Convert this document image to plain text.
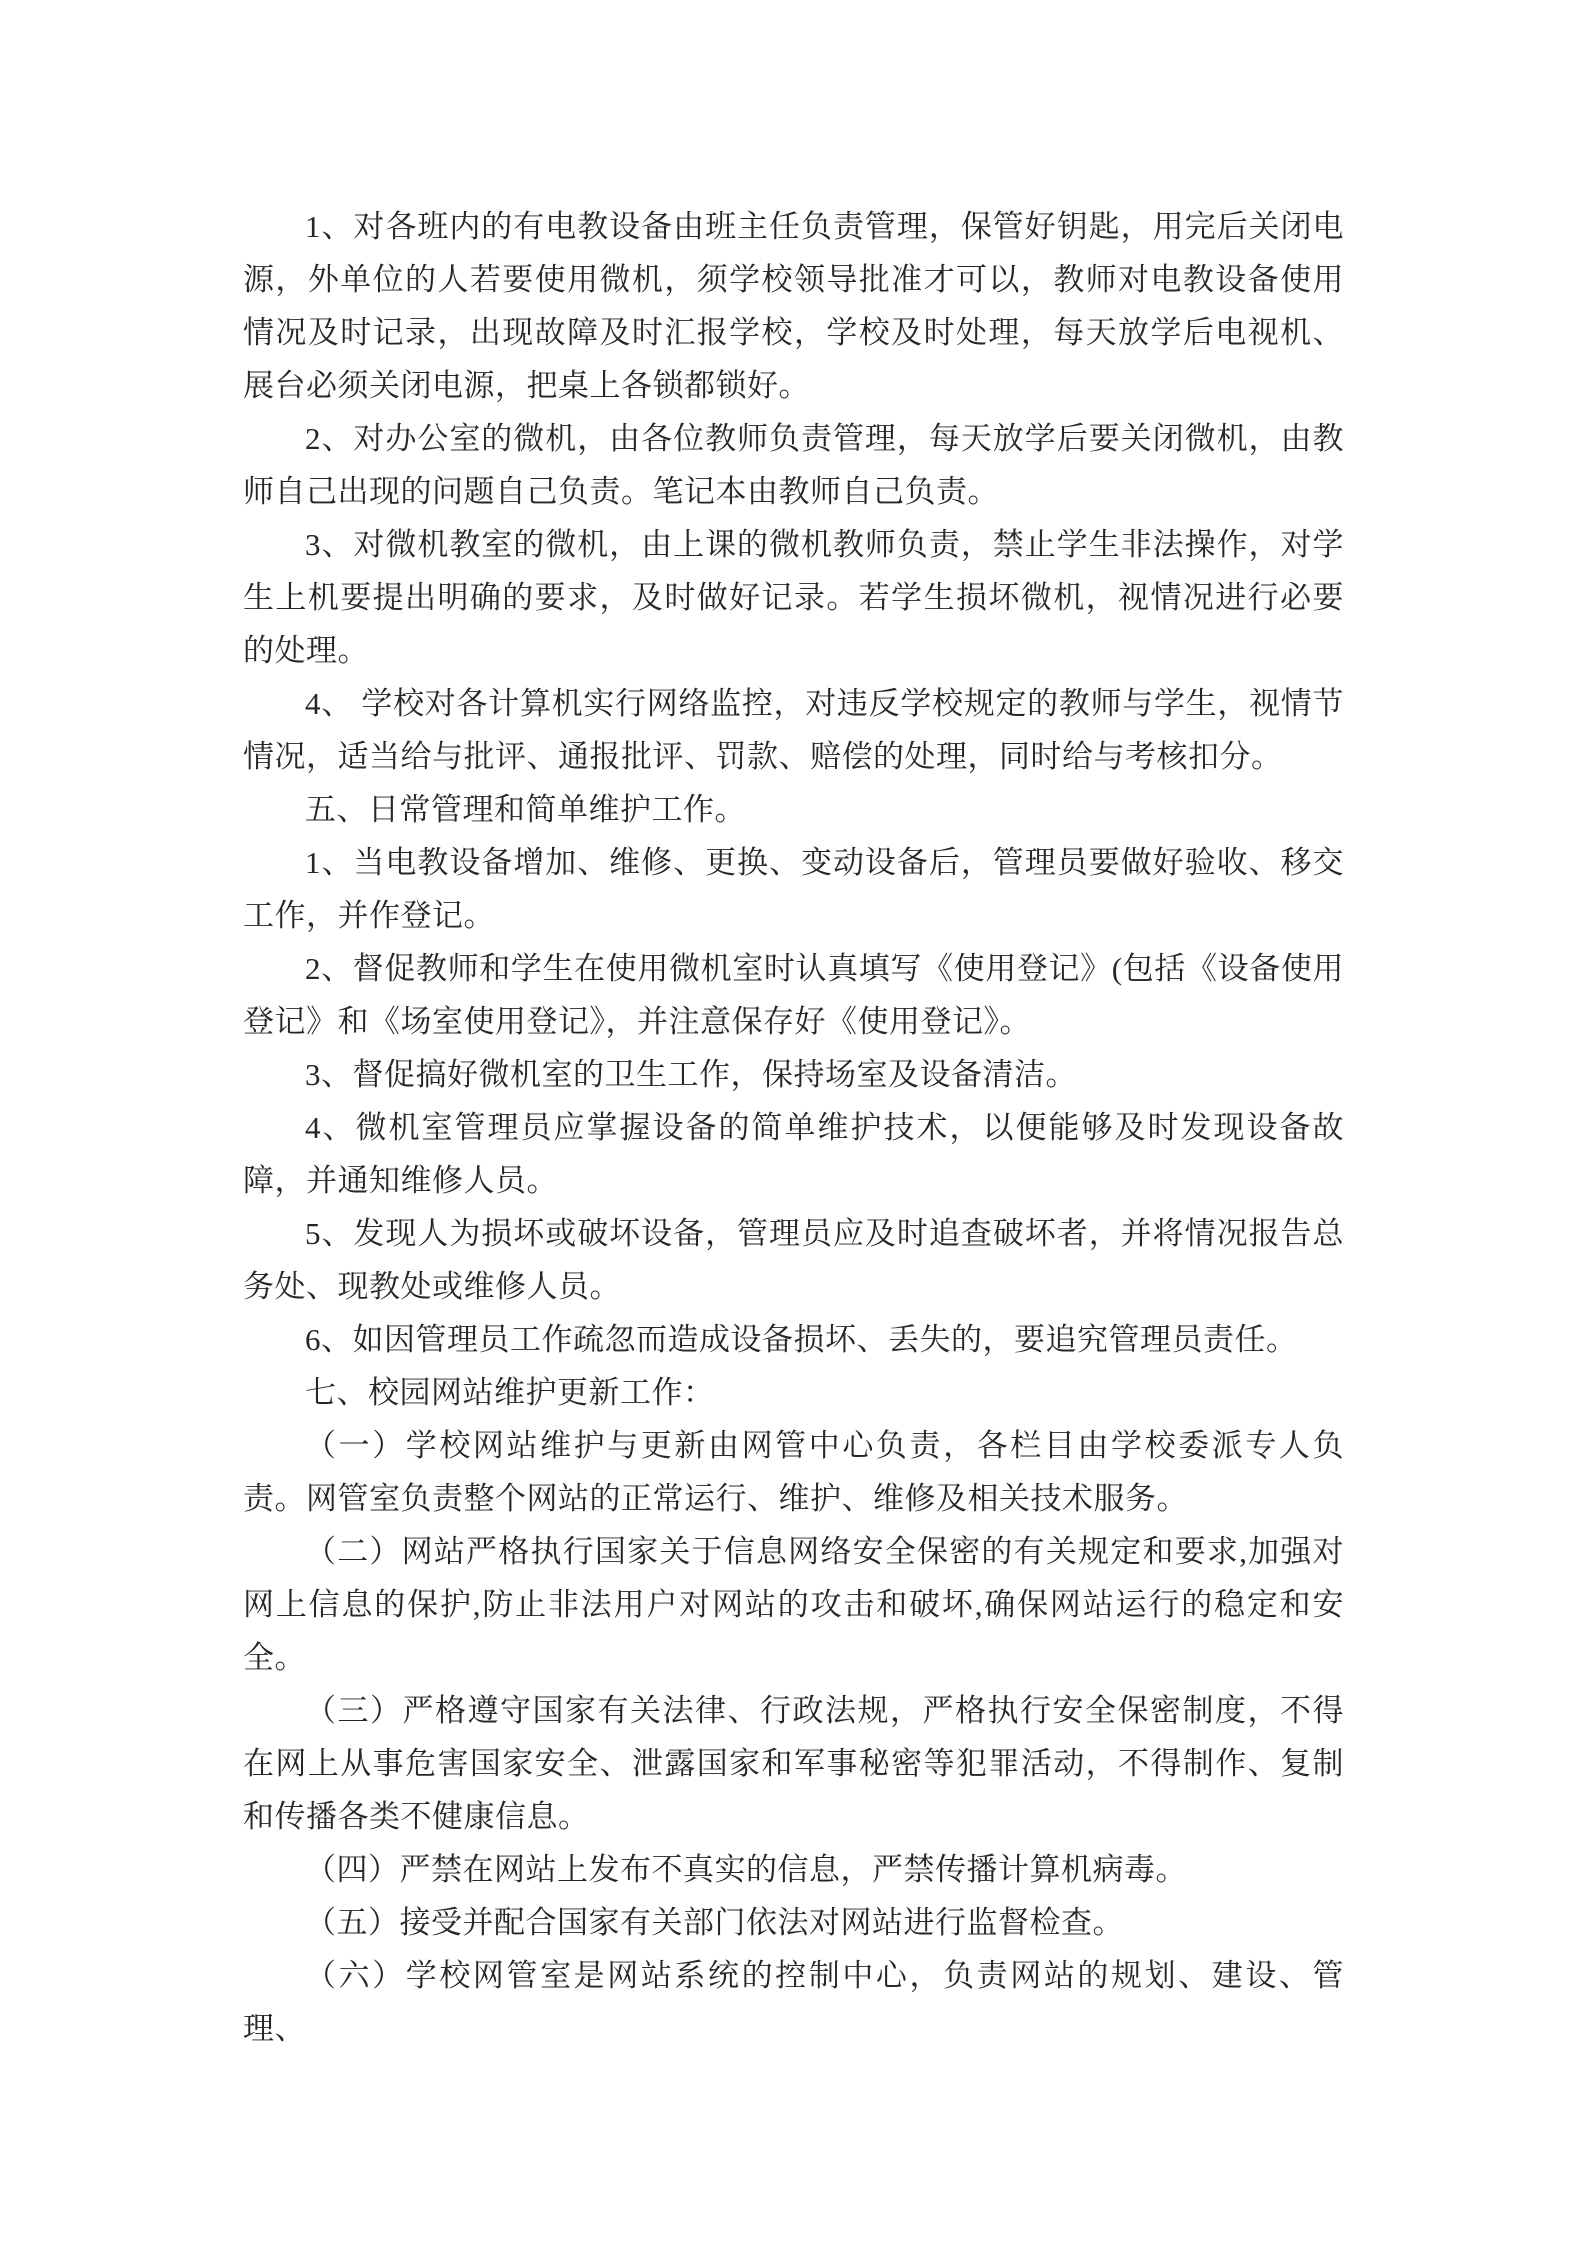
1、对各班内的有电教设备由班主任负责管理，保管好钥匙，用完后关闭电源，外单位的人若要使用微机，须学校领导批准才可以，教师对电教设备使用情况及时记录，出现故障及时汇报学校，学校及时处理，每天放学后电视机、展台必须关闭电源，把桌上各锁都锁好。

2、对办公室的微机，由各位教师负责管理，每天放学后要关闭微机，由教师自己出现的问题自己负责。笔记本由教师自己负责。

3、对微机教室的微机，由上课的微机教师负责，禁止学生非法操作，对学生上机要提出明确的要求，及时做好记录。若学生损坏微机，视情况进行必要的处理。

4、 学校对各计算机实行网络监控，对违反学校规定的教师与学生，视情节情况，适当给与批评、通报批评、罚款、赔偿的处理，同时给与考核扣分。

五、日常管理和简单维护工作。

1、当电教设备增加、维修、更换、变动设备后，管理员要做好验收、移交工作，并作登记。

2、督促教师和学生在使用微机室时认真填写《使用登记》(包括《设备使用登记》和《场室使用登记》，并注意保存好《使用登记》。

3、督促搞好微机室的卫生工作，保持场室及设备清洁。

4、微机室管理员应掌握设备的简单维护技术，以便能够及时发现设备故障，并通知维修人员。

5、发现人为损坏或破坏设备，管理员应及时追查破坏者，并将情况报告总务处、现教处或维修人员。

6、如因管理员工作疏忽而造成设备损坏、丢失的，要追究管理员责任。

七、校园网站维护更新工作：

（一）学校网站维护与更新由网管中心负责，各栏目由学校委派专人负责。网管室负责整个网站的正常运行、维护、维修及相关技术服务。

（二）网站严格执行国家关于信息网络安全保密的有关规定和要求,加强对网上信息的保护,防止非法用户对网站的攻击和破坏,确保网站运行的稳定和安全。

（三）严格遵守国家有关法律、行政法规，严格执行安全保密制度，不得在网上从事危害国家安全、泄露国家和军事秘密等犯罪活动，不得制作、复制和传播各类不健康信息。

（四）严禁在网站上发布不真实的信息，严禁传播计算机病毒。

（五）接受并配合国家有关部门依法对网站进行监督检查。

（六）学校网管室是网站系统的控制中心，负责网站的规划、建设、管理、
